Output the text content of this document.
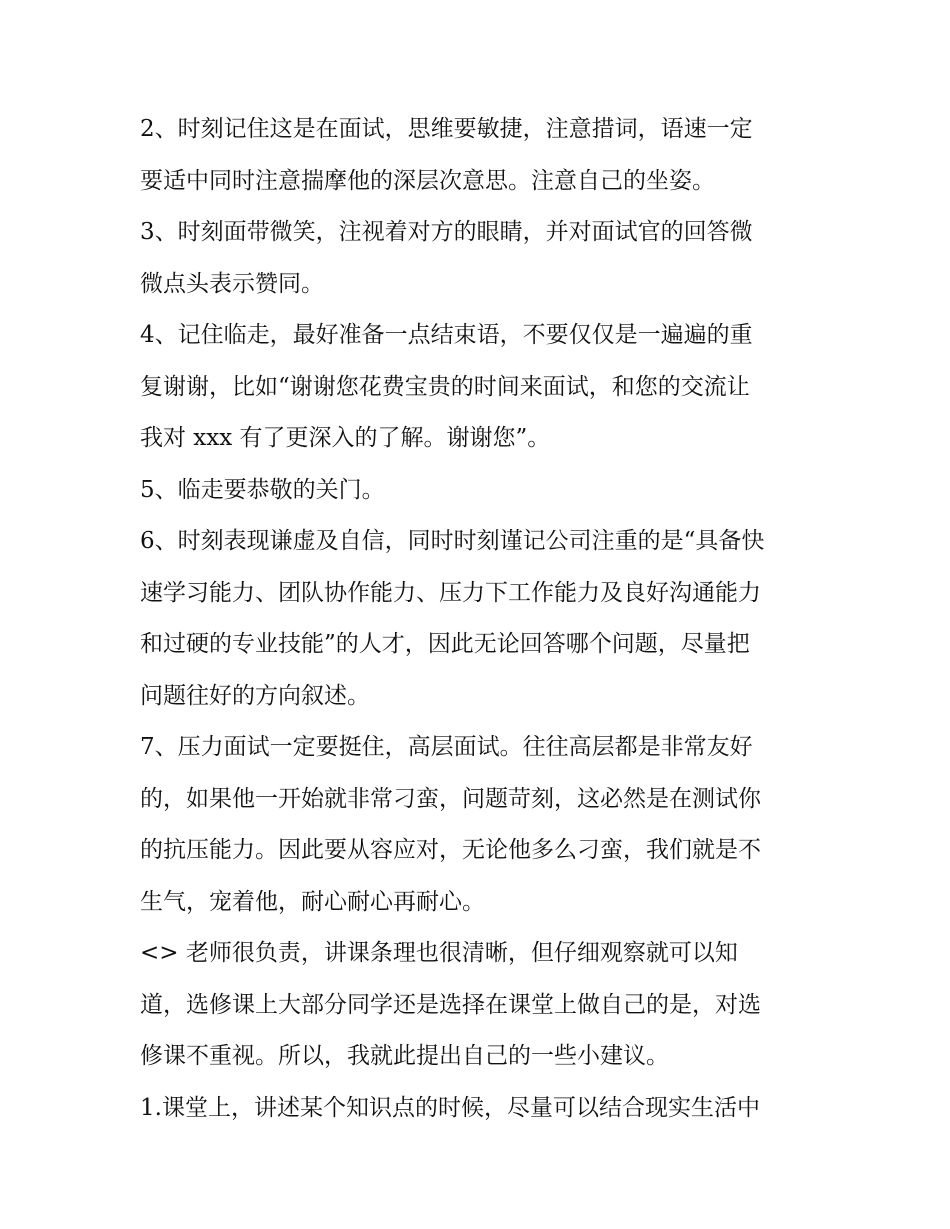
2、时刻记住这是在面试，思维要敏捷，注意措词，语速一定
要适中同时注意揣摩他的深层次意思。注意自己的坐姿。
3、时刻面带微笑，注视着对方的眼睛，并对面试官的回答微
微点头表示赞同。
4、记住临走，最好准备一点结束语，不要仅仅是一遍遍的重
复谢谢，比如“谢谢您花费宝贵的时间来面试，和您的交流让
我对 xxx 有了更深入的了解。谢谢您”。
5、临走要恭敬的关门。
6、时刻表现谦虚及自信，同时时刻谨记公司注重的是“具备快
速学习能力、团队协作能力、压力下工作能力及良好沟通能力
和过硬的专业技能”的人才，因此无论回答哪个问题，尽量把
问题往好的方向叙述。
7、压力面试一定要挺住，高层面试。往往高层都是非常友好
的，如果他一开始就非常刁蛮，问题苛刻，这必然是在测试你
的抗压能力。因此要从容应对，无论他多么刁蛮，我们就是不
生气，宠着他，耐心耐心再耐心。
<> 老师很负责，讲课条理也很清晰，但仔细观察就可以知
道，选修课上大部分同学还是选择在课堂上做自己的是，对选
修课不重视。所以，我就此提出自己的一些小建议。
1.课堂上，讲述某个知识点的时候，尽量可以结合现实生活中
